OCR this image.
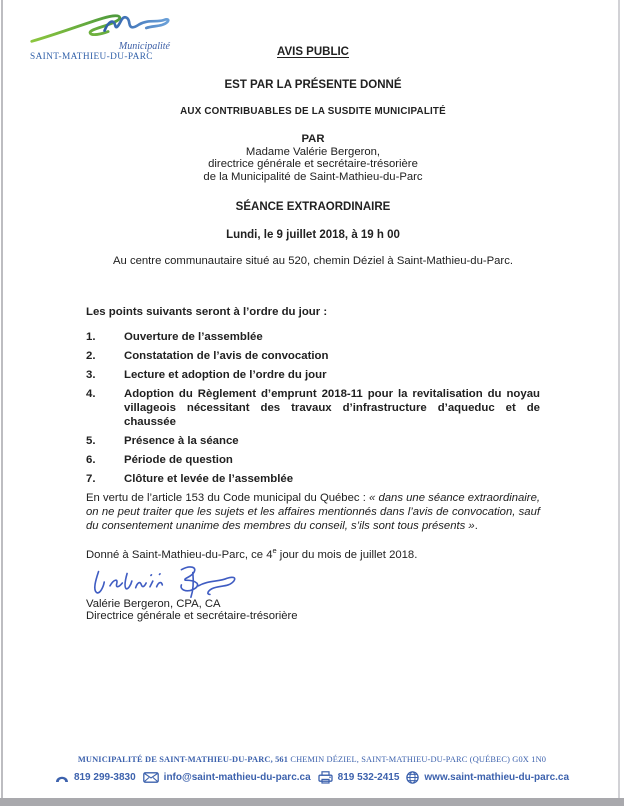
Municipalité
SAINT-MATHIEU-DU-PARC	AVIS PUBLIC
EST PAR LA PRÉSENTE DONNÉ
AUX CONTRIBUABLES DE LA SUSDITE MUNICIPALITÉ
PAR
Madame Valérie Bergeron,
directrice générale et secrétaire-trésorière
de la Municipalité de Saint-Mathieu-du-Parc
SÉANCE EXTRAORDINAIRE
Lundi, le 9 juillet 2018, à 19 h 00
Au centre communautaire situé au 520, chemin Déziel à Saint-Mathieu-du-Parc.
Les points suivants seront à l’ordre du jour :
1.	Ouverture de l’assemblée
2.	Constatation de l’avis de convocation
3.	Lecture et adoption de l’ordre du jour
4.	Adoption du Règlement d’emprunt 2018-11 pour la revitalisation du noyau villageois nécessitant des travaux d’infrastructure d’aqueduc et de chaussée
5.	Présence à la séance
6.	Période de question
7.	Clôture et levée de l’assemblée
En vertu de l’article 153 du Code municipal du Québec : « dans une séance extraordinaire, on ne peut traiter que les sujets et les affaires mentionnés dans l’avis de convocation, sauf du consentement unanime des membres du conseil, s’ils sont tous présents ».
Donné à Saint-Mathieu-du-Parc, ce 4e jour du mois de juillet 2018.
Valérie Bergeron, CPA, CA
Directrice générale et secrétaire-trésorière
MUNICIPALITÉ DE SAINT-MATHIEU-DU-PARC, 561 CHEMIN DÉZIEL, SAINT-MATHIEU-DU-PARC (QUÉBEC) G0X 1N0
819 299-3830	info@saint-mathieu-du-parc.ca	819 532-2415	www.saint-mathieu-du-parc.ca
